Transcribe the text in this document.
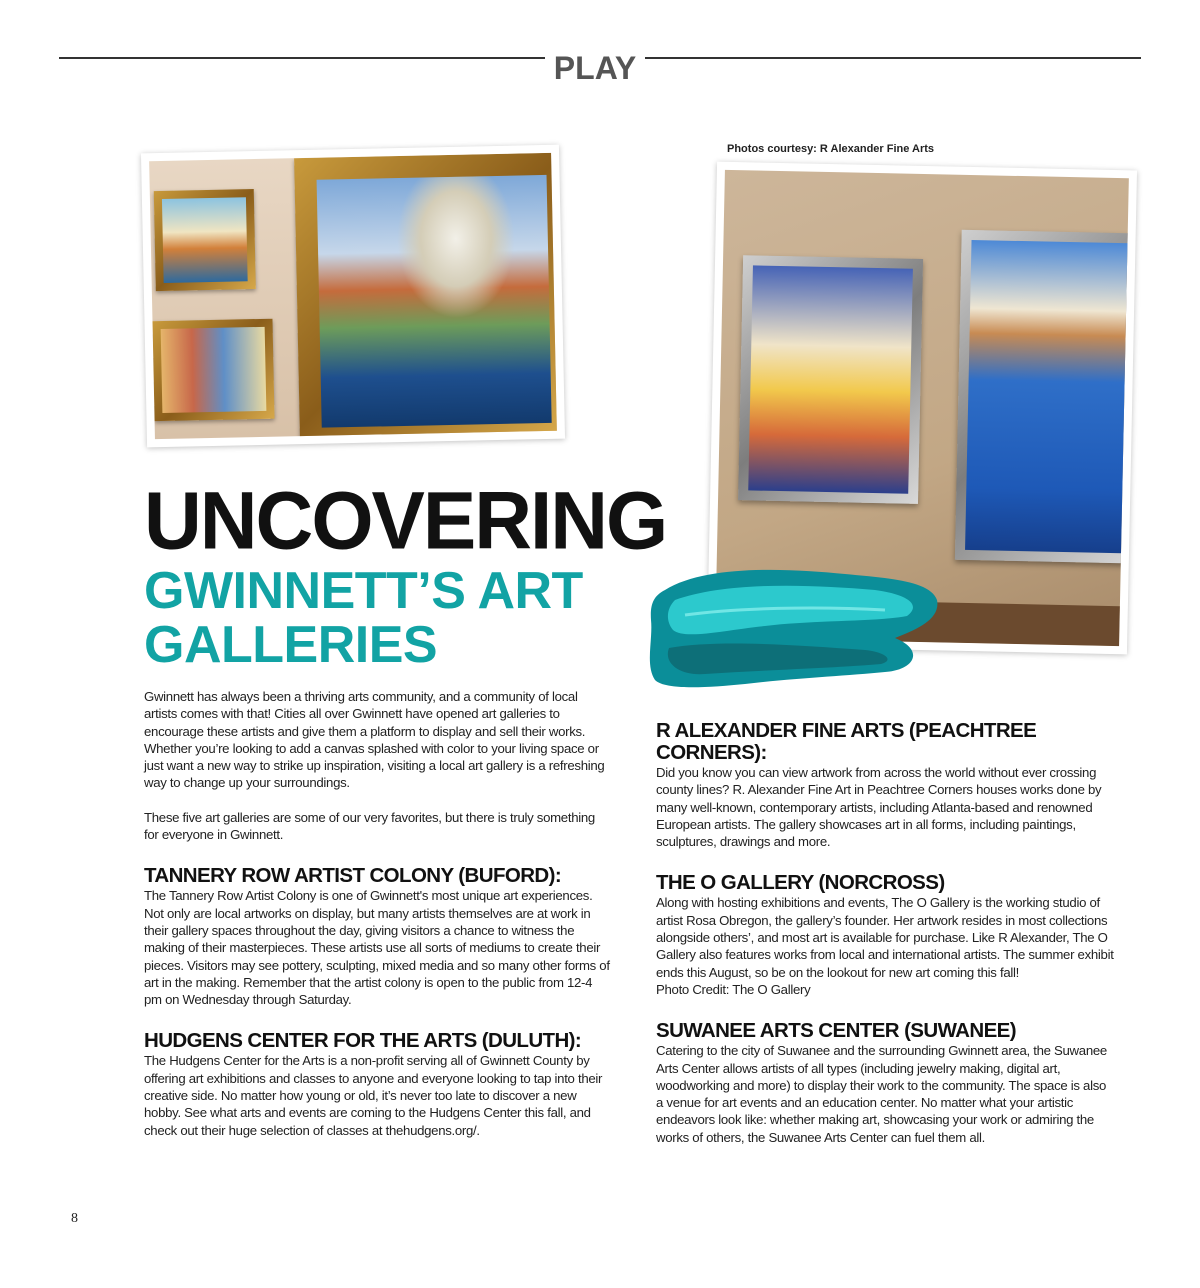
PLAY
Photos courtesy: R Alexander Fine Arts
UNCOVERING
GWINNETT’S ART
GALLERIES

Gwinnett has always been a thriving arts community, and a community of local artists comes with that! Cities all over Gwinnett have opened art galleries to encourage these artists and give them a platform to display and sell their works. Whether you’re looking to add a canvas splashed with color to your living space or just want a new way to strike up inspiration, visiting a local art gallery is a refreshing way to change up your surroundings.

These five art galleries are some of our very favorites, but there is truly something for everyone in Gwinnett.

TANNERY ROW ARTIST COLONY (BUFORD):

The Tannery Row Artist Colony is one of Gwinnett's most unique art experiences. Not only are local artworks on display, but many artists themselves are at work in their gallery spaces throughout the day, giving visitors a chance to witness the making of their masterpieces. These artists use all sorts of mediums to create their pieces. Visitors may see pottery, sculpting, mixed media and so many other forms of art in the making. Remember that the artist colony is open to the public from 12-4 pm on Wednesday through Saturday.

HUDGENS CENTER FOR THE ARTS (DULUTH):

The Hudgens Center for the Arts is a non-profit serving all of Gwinnett County by offering art exhibitions and classes to anyone and everyone looking to tap into their creative side. No matter how young or old, it’s never too late to discover a new hobby. See what arts and events are coming to the Hudgens Center this fall, and check out their huge selection of classes at thehudgens.org/.

R ALEXANDER FINE ARTS (PEACHTREE CORNERS):

Did you know you can view artwork from across the world without ever crossing county lines? R. Alexander Fine Art in Peachtree Corners houses works done by many well-known, contemporary artists, including Atlanta-based and renowned European artists. The gallery showcases art in all forms, including paintings, sculptures, drawings and more.

THE O GALLERY (NORCROSS)

Along with hosting exhibitions and events, The O Gallery is the working studio of artist Rosa Obregon, the gallery’s founder. Her artwork resides in most collections alongside others’, and most art is available for purchase. Like R Alexander, The O Gallery also features works from local and international artists. The summer exhibit ends this August, so be on the lookout for new art coming this fall!

Photo Credit: The O Gallery

SUWANEE ARTS CENTER (SUWANEE)

Catering to the city of Suwanee and the surrounding Gwinnett area, the Suwanee Arts Center allows artists of all types (including jewelry making, digital art, woodworking and more) to display their work to the community. The space is also a venue for art events and an education center. No matter what your artistic endeavors look like: whether making art, showcasing your work or admiring the works of others, the Suwanee Arts Center can fuel them all.

8
